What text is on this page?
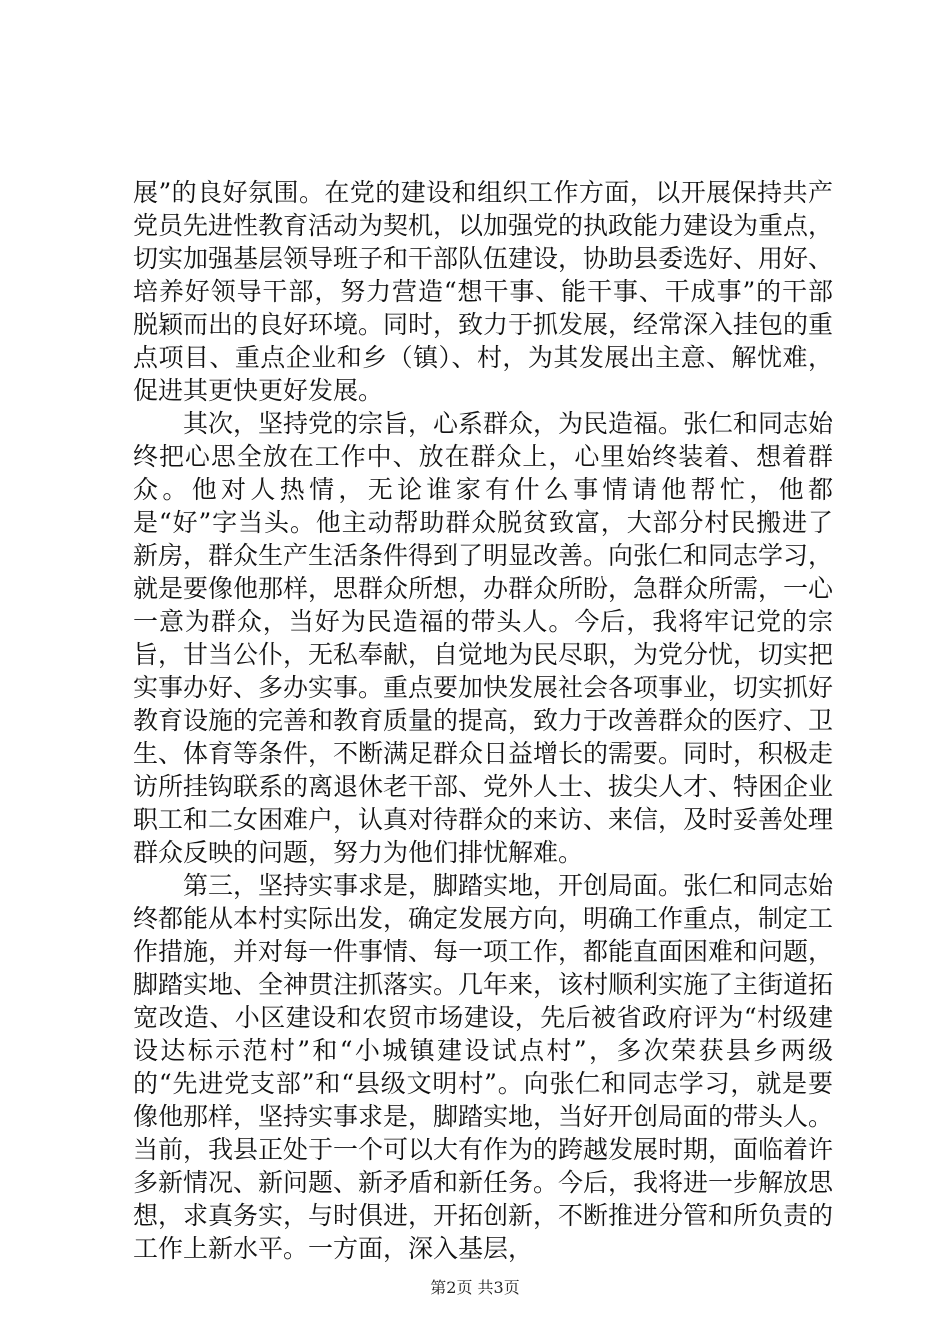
展”的良好氛围。在党的建设和组织工作方面，以开展保持共产党员先进性教育活动为契机，以加强党的执政能力建设为重点，切实加强基层领导班子和干部队伍建设，协助县委选好、用好、培养好领导干部，努力营造“想干事、能干事、干成事”的干部脱颖而出的良好环境。同时，致力于抓发展，经常深入挂包的重点项目、重点企业和乡（镇）、村，为其发展出主意、解忧难，促进其更快更好发展。

其次，坚持党的宗旨，心系群众，为民造福。张仁和同志始终把心思全放在工作中、放在群众上，心里始终装着、想着群众。他对人热情，无论谁家有什么事情请他帮忙，他都是“好”字当头。他主动帮助群众脱贫致富，大部分村民搬进了新房，群众生产生活条件得到了明显改善。向张仁和同志学习，就是要像他那样，思群众所想，办群众所盼，急群众所需，一心一意为群众，当好为民造福的带头人。今后，我将牢记党的宗旨，甘当公仆，无私奉献，自觉地为民尽职，为党分忧，切实把实事办好、多办实事。重点要加快发展社会各项事业，切实抓好教育设施的完善和教育质量的提高，致力于改善群众的医疗、卫生、体育等条件，不断满足群众日益增长的需要。同时，积极走访所挂钩联系的离退休老干部、党外人士、拔尖人才、特困企业职工和二女困难户，认真对待群众的来访、来信，及时妥善处理群众反映的问题，努力为他们排忧解难。

第三，坚持实事求是，脚踏实地，开创局面。张仁和同志始终都能从本村实际出发，确定发展方向，明确工作重点，制定工作措施，并对每一件事情、每一项工作，都能直面困难和问题，脚踏实地、全神贯注抓落实。几年来，该村顺利实施了主街道拓宽改造、小区建设和农贸市场建设，先后被省政府评为“村级建设达标示范村”和“小城镇建设试点村”，多次荣获县乡两级的“先进党支部”和“县级文明村”。向张仁和同志学习，就是要像他那样，坚持实事求是，脚踏实地，当好开创局面的带头人。当前，我县正处于一个可以大有作为的跨越发展时期，面临着许多新情况、新问题、新矛盾和新任务。今后，我将进一步解放思想，求真务实，与时俱进，开拓创新，不断推进分管和所负责的工作上新水平。一方面，深入基层，

第2页 共3页
